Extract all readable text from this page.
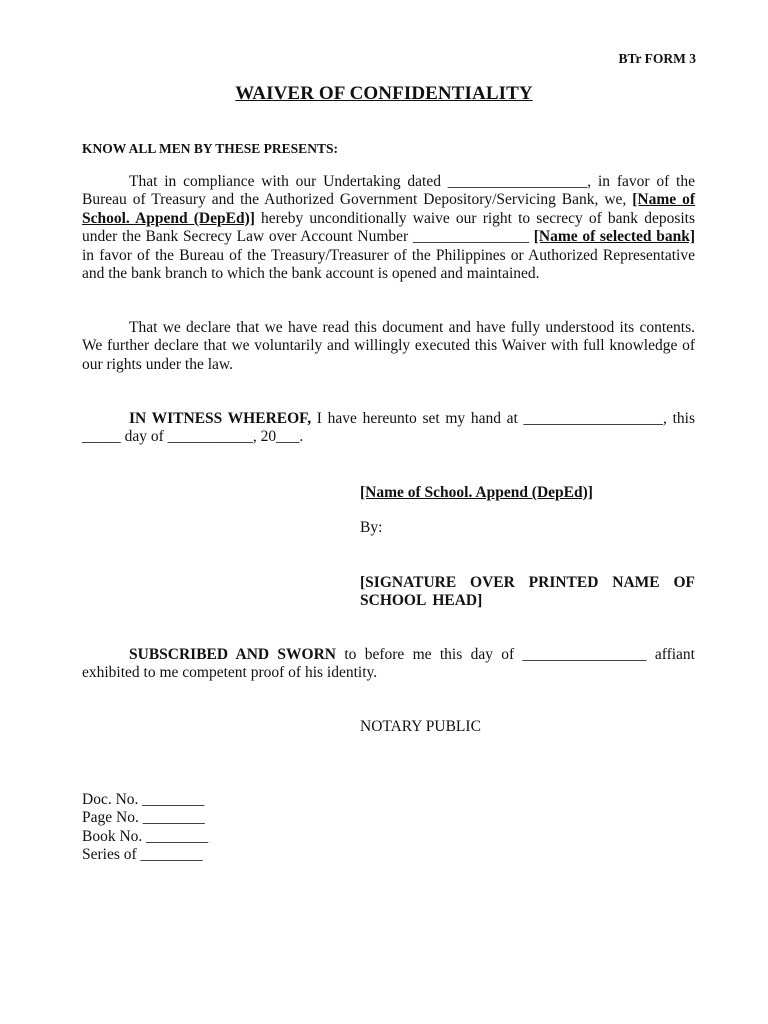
BTr FORM 3
WAIVER OF CONFIDENTIALITY
KNOW ALL MEN BY THESE PRESENTS:
That in compliance with our Undertaking dated __________________, in favor of the Bureau of Treasury and the Authorized Government Depository/Servicing Bank, we, [Name of School. Append (DepEd)] hereby unconditionally waive our right to secrecy of bank deposits under the Bank Secrecy Law over Account Number _______________ [Name of selected bank] in favor of the Bureau of the Treasury/Treasurer of the Philippines or Authorized Representative and the bank branch to which the bank account is opened and maintained.
That we declare that we have read this document and have fully understood its contents. We further declare that we voluntarily and willingly executed this Waiver with full knowledge of our rights under the law.
IN WITNESS WHEREOF, I have hereunto set my hand at __________________, this _____ day of ___________, 20___.
[Name of School. Append (DepEd)]
By:
[SIGNATURE OVER PRINTED NAME OF SCHOOL HEAD]
SUBSCRIBED AND SWORN to before me this day of ________________ affiant exhibited to me competent proof of his identity.
NOTARY PUBLIC
Doc. No. ________
Page No. ________
Book No. ________
Series of ________
